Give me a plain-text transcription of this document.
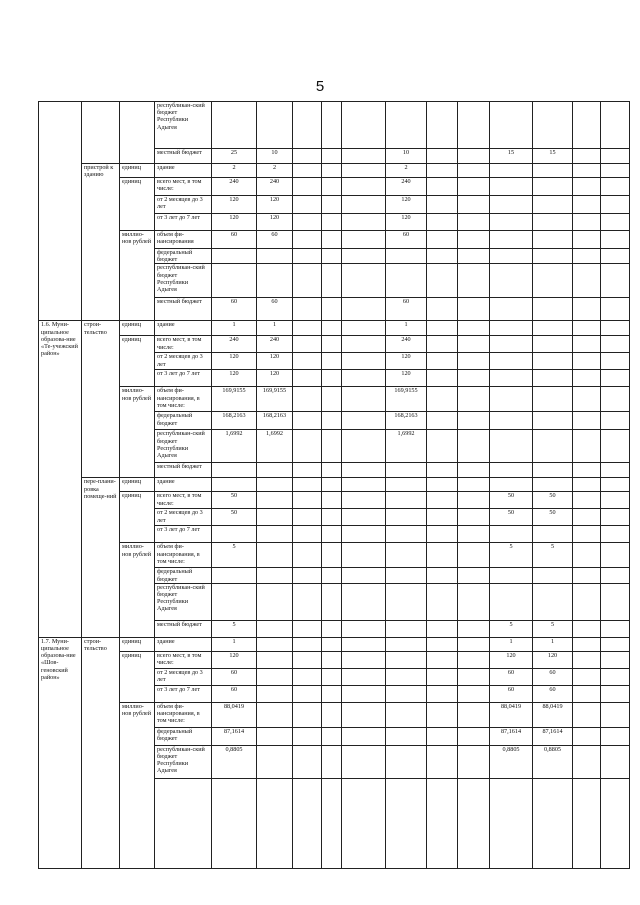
5
			республикан-ский бюджет Республики Адыгея												
			местный бюджет	25	10				10			15	15		
	пристрой к зданию	единиц	здание	2	2				2						
		единиц	всего мест, в том числе:	240	240				240						
			от 2 месяцев до 3 лет	120	120				120						
			от 3 лет до 7 лет	120	120				120						
		миллио-нов рублей	объем фи-нансирования	60	60				60						
			федеральный бюджет												
			республикан-ский бюджет Республики Адыгея												
			местный бюджет	60	60				60						
1.6. Муни-ципальное образова-ние «Те-учежский район»	строи-тельство	единиц	здание	1	1				1						
		единиц	всего мест, в том числе:	240	240				240						
			от 2 месяцев до 3 лет	120	120				120						
			от 3 лет до 7 лет	120	120				120						
		миллио-нов рублей	объем фи-нансирования, в том числе:	169,9155	169,9155				169,9155						
			федеральный бюджет	168,2163	168,2163				168,2163						
			республикан-ский бюджет Республики Адыгея	1,6992	1,6992				1,6992						
			местный бюджет												
	пере-плани-ровка помеще-ний	единиц	здание												
		единиц	всего мест, в том числе:	50								50	50		
			от 2 месяцев до 3 лет	50								50	50		
			от 3 лет до 7 лет												
		миллио-нов рублей	объем фи-нансирования, в том числе:	5								5	5		
			федеральный бюджет												
			республикан-ский бюджет Республики Адыгея												
			местный бюджет	5								5	5		
1.7. Муни-ципальное образова-ние «Шов-геновский район»	строи-тельство	единиц	здание	1								1	1		
		единиц	всего мест, в том числе:	120								120	120		
			от 2 месяцев до 3 лет	60								60	60		
			от 3 лет до 7 лет	60								60	60		
		миллио-нов рублей	объем фи-нансирования, в том числе:	88,0419								88,0419	88,0419		
			федеральный бюджет	87,1614								87,1614	87,1614		
			республикан-ский бюджет Республики Адыгея	0,8805								0,8805	0,8805		
